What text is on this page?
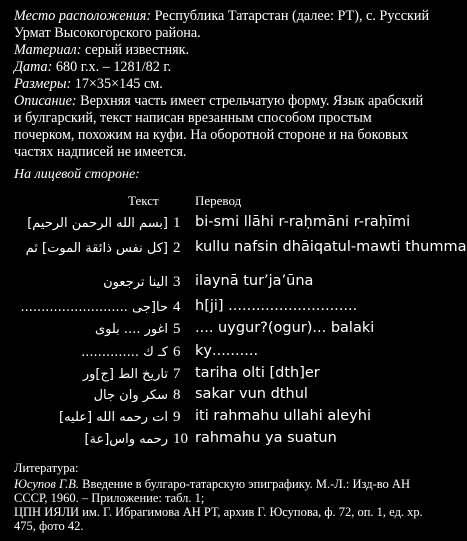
Место расположения: Республика Татарстан (далее: РТ), с. Русский Урмат Высокогорского района.

Материал: серый известняк.

Дата: 680 г.х. – 1281/82 г.

Размеры: 17×35×145 см.

Описание: Верхняя часть имеет стрельчатую форму. Язык арабский и булгарский, текст написан врезанным способом простым почерком, похожим на куфи. На оборотной стороне и на боковых частях надписей не имеется.

На лицевой стороне:

Текст	Перевод
[بسم الله الرحمن الرحيم] 1 bi-smi llāhi r-raḥmāni r-raḥīmi
[كل نفس ذائقة الموت] ثم 2 kullu nafsin dhāiqatul-mawti thumma
الينا ترجعون 3 ilaynā tur’ja’ūna
حا[جى .......................... 4 h[ji] ............................
اغور .... بلوى 5 .... uygur?(ogur)... balaki
كـ ك .............. 6 kу..........
تاريخ الط [ج]ور 7 tariha olti [dth]er
سكر وان جال 8 sakar vun dthul
ات رحمه الله [عليه] 9 iti rahmahu ullahi aleyhi
رحمه واس[عة] 10 rahmahu ya suatun
Литература:

Юсупов Г.В. Введение в булгаро-татарскую эпиграфику. М.-Л.: Изд-во АН СССР, 1960. – Приложение: табл. 1;

ЦПН ИЯЛИ им. Г. Ибрагимова АН РТ, архив Г. Юсупова, ф. 72, оп. 1, ед. хр. 475, фото 42.
